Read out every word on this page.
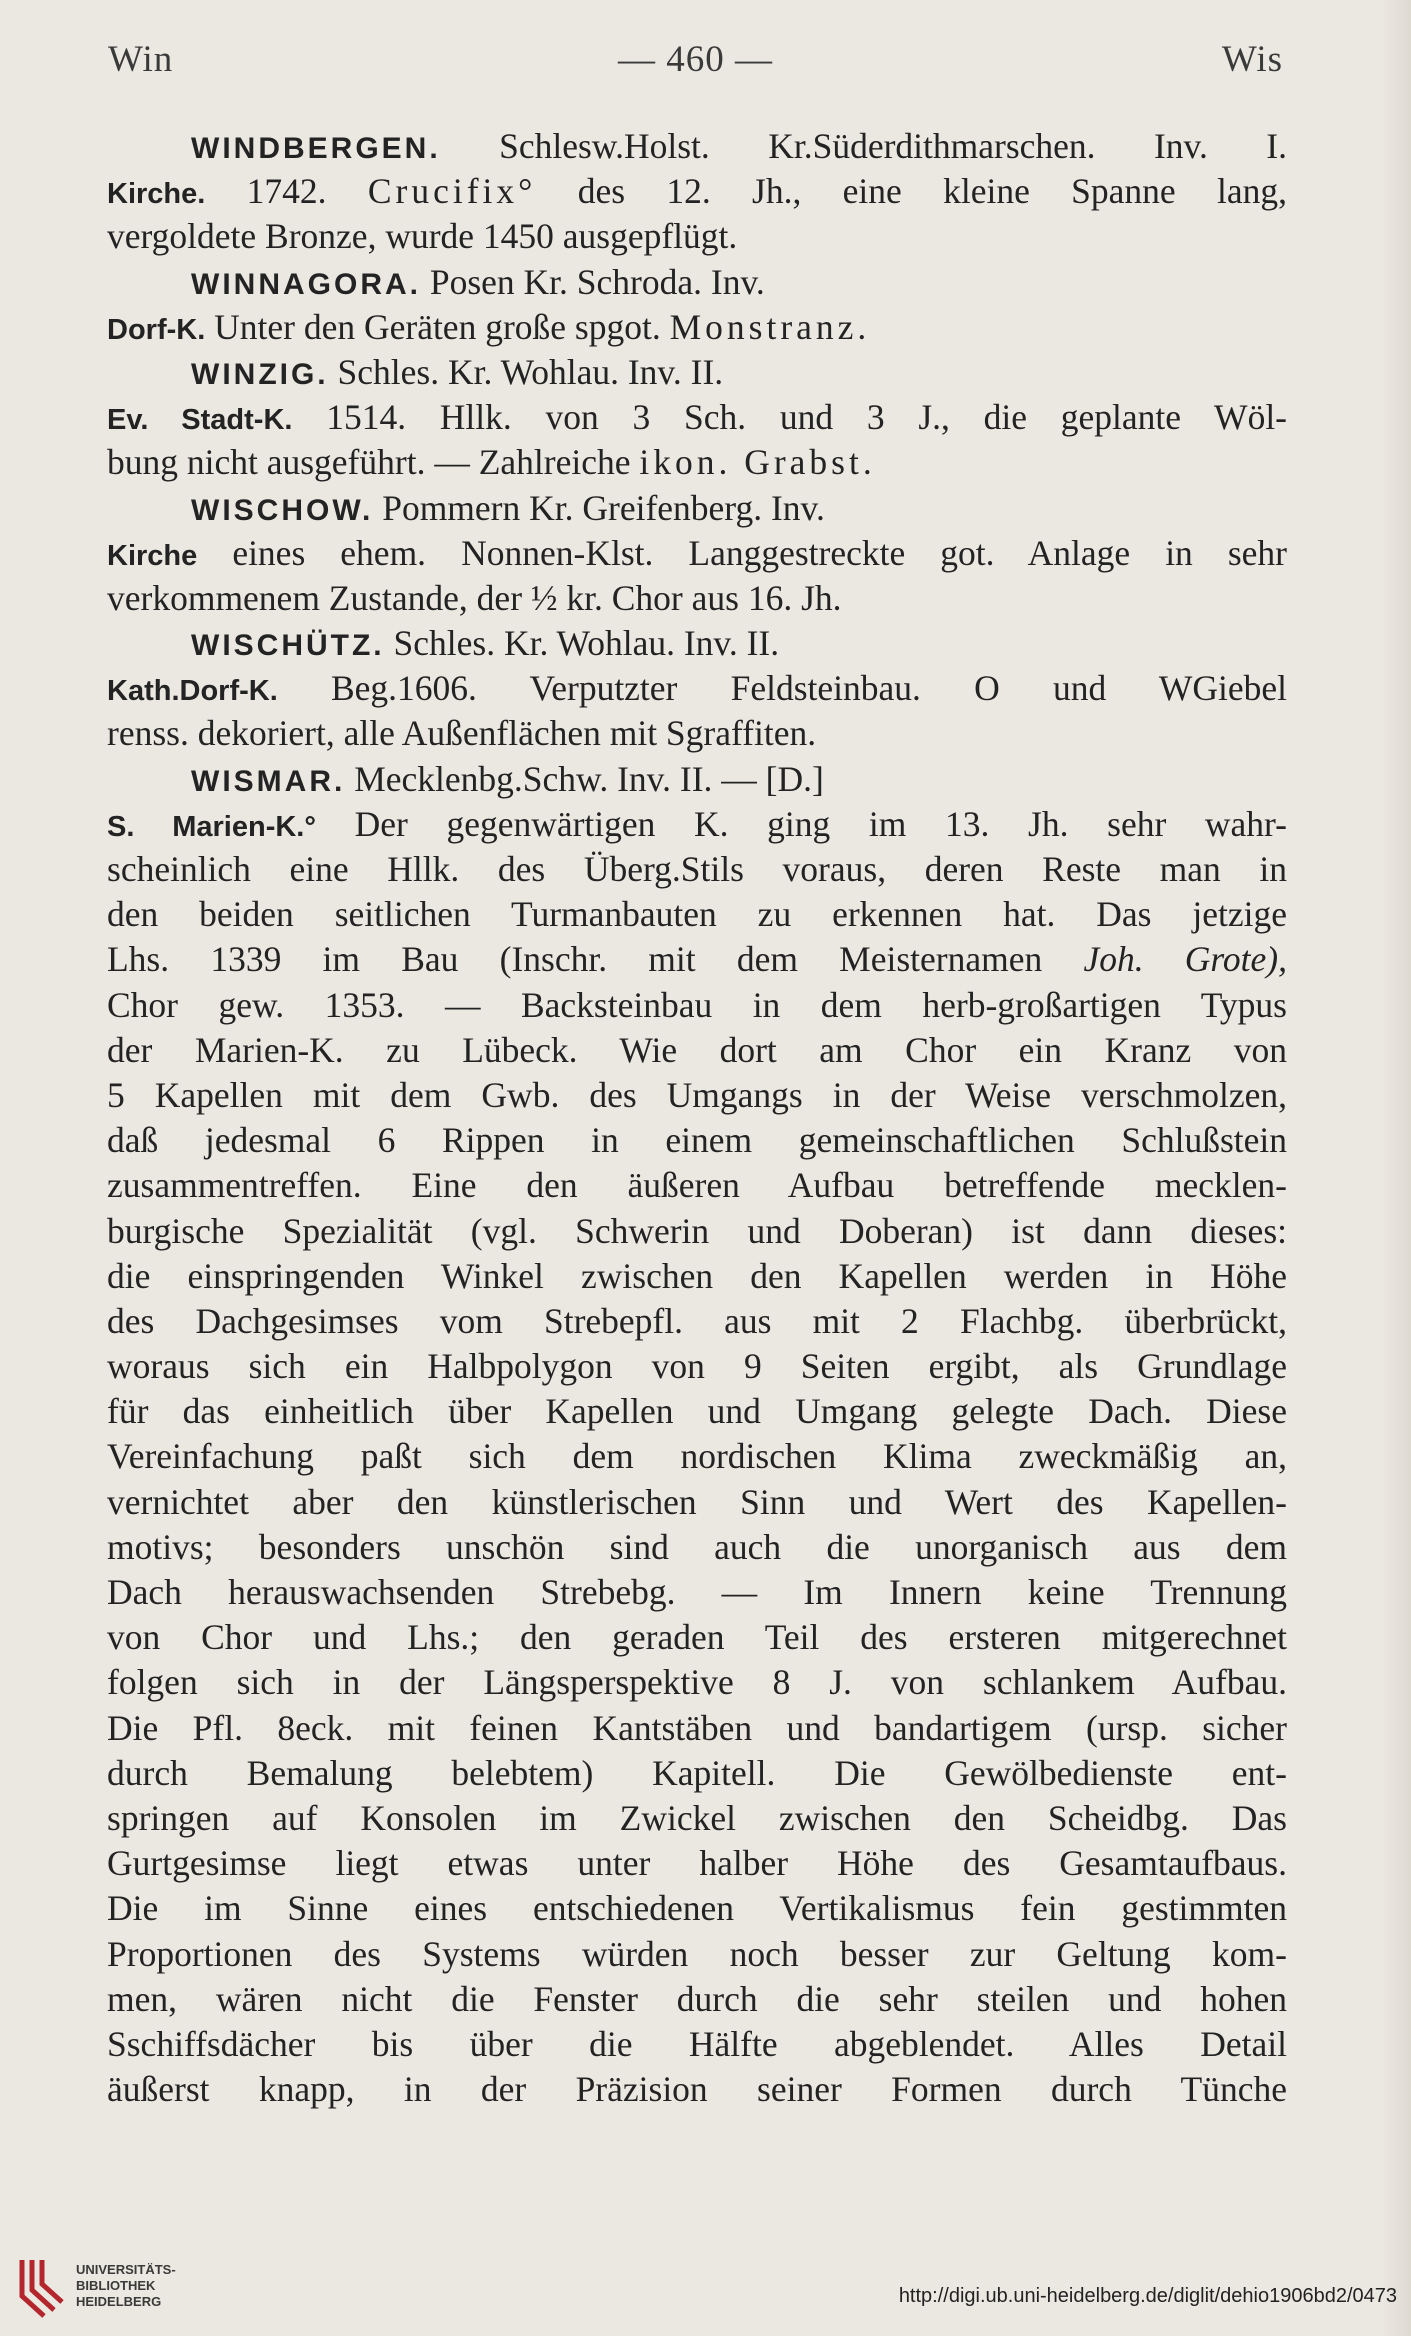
Win	— 460 —	Wis
WINDBERGEN. Schlesw.Holst. Kr.Süderdithmarschen. Inv. I.
Kirche. 1742. Crucifix° des 12. Jh., eine kleine Spanne lang,
vergoldete Bronze, wurde 1450 ausgepflügt.
WINNAGORA. Posen Kr. Schroda. Inv.
Dorf-K. Unter den Geräten große spgot. Monstranz.
WINZIG. Schles. Kr. Wohlau. Inv. II.
Ev. Stadt-K. 1514. Hllk. von 3 Sch. und 3 J., die geplante Wöl-
bung nicht ausgeführt. — Zahlreiche ikon. Grabst.
WISCHOW. Pommern Kr. Greifenberg. Inv.
Kirche eines ehem. Nonnen-Klst. Langgestreckte got. Anlage in sehr
verkommenem Zustande, der ½ kr. Chor aus 16. Jh.
WISCHÜTZ. Schles. Kr. Wohlau. Inv. II.
Kath.Dorf-K. Beg.1606. Verputzter Feldsteinbau. O und WGiebel
renss. dekoriert, alle Außenflächen mit Sgraffiten.
WISMAR. Mecklenbg.Schw. Inv. II. — [D.]
S. Marien-K.° Der gegenwärtigen K. ging im 13. Jh. sehr wahr-
scheinlich eine Hllk. des Überg.Stils voraus, deren Reste man in
den beiden seitlichen Turmanbauten zu erkennen hat. Das jetzige
Lhs. 1339 im Bau (Inschr. mit dem Meisternamen Joh. Grote),
Chor gew. 1353. — Backsteinbau in dem herb-großartigen Typus
der Marien-K. zu Lübeck. Wie dort am Chor ein Kranz von
5 Kapellen mit dem Gwb. des Umgangs in der Weise verschmolzen,
daß jedesmal 6 Rippen in einem gemeinschaftlichen Schlußstein
zusammentreffen. Eine den äußeren Aufbau betreffende mecklen-
burgische Spezialität (vgl. Schwerin und Doberan) ist dann dieses:
die einspringenden Winkel zwischen den Kapellen werden in Höhe
des Dachgesimses vom Strebepfl. aus mit 2 Flachbg. überbrückt,
woraus sich ein Halbpolygon von 9 Seiten ergibt, als Grundlage
für das einheitlich über Kapellen und Umgang gelegte Dach. Diese
Vereinfachung paßt sich dem nordischen Klima zweckmäßig an,
vernichtet aber den künstlerischen Sinn und Wert des Kapellen-
motivs; besonders unschön sind auch die unorganisch aus dem
Dach herauswachsenden Strebebg. — Im Innern keine Trennung
von Chor und Lhs.; den geraden Teil des ersteren mitgerechnet
folgen sich in der Längsperspektive 8 J. von schlankem Aufbau.
Die Pfl. 8eck. mit feinen Kantstäben und bandartigem (ursp. sicher
durch Bemalung belebtem) Kapitell. Die Gewölbedienste ent-
springen auf Konsolen im Zwickel zwischen den Scheidbg. Das
Gurtgesimse liegt etwas unter halber Höhe des Gesamtaufbaus.
Die im Sinne eines entschiedenen Vertikalismus fein gestimmten
Proportionen des Systems würden noch besser zur Geltung kom-
men, wären nicht die Fenster durch die sehr steilen und hohen
Sschiffsdächer bis über die Hälfte abgeblendet. Alles Detail
äußerst knapp, in der Präzision seiner Formen durch Tünche
UNIVERSITÄTS-
BIBLIOTHEK
HEIDELBERG	http://digi.ub.uni-heidelberg.de/diglit/dehio1906bd2/0473
